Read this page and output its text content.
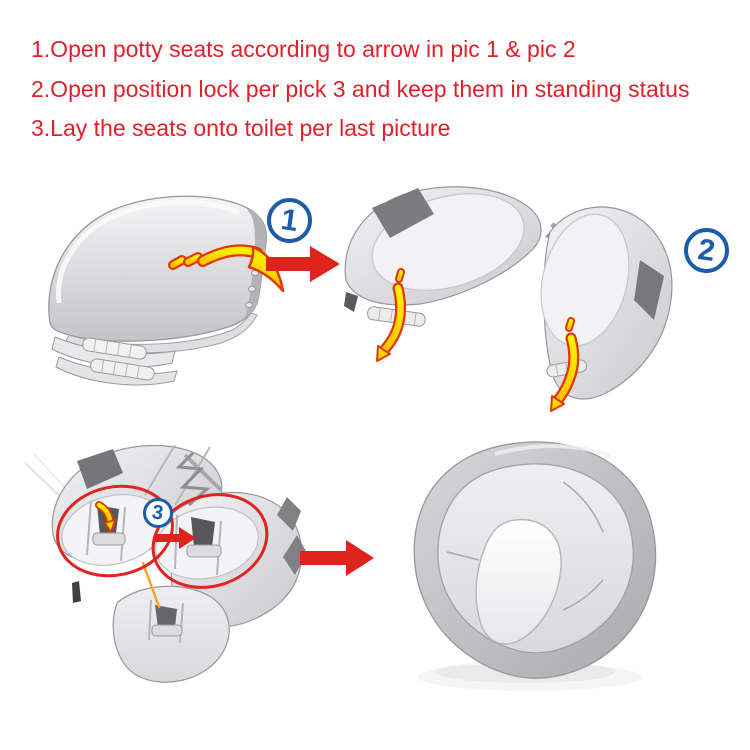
1.Open potty seats according to arrow in pic 1 & pic 2
2.Open position lock per pick 3 and keep them in standing status
3.Lay the seats onto toilet per last picture
1
2
3
